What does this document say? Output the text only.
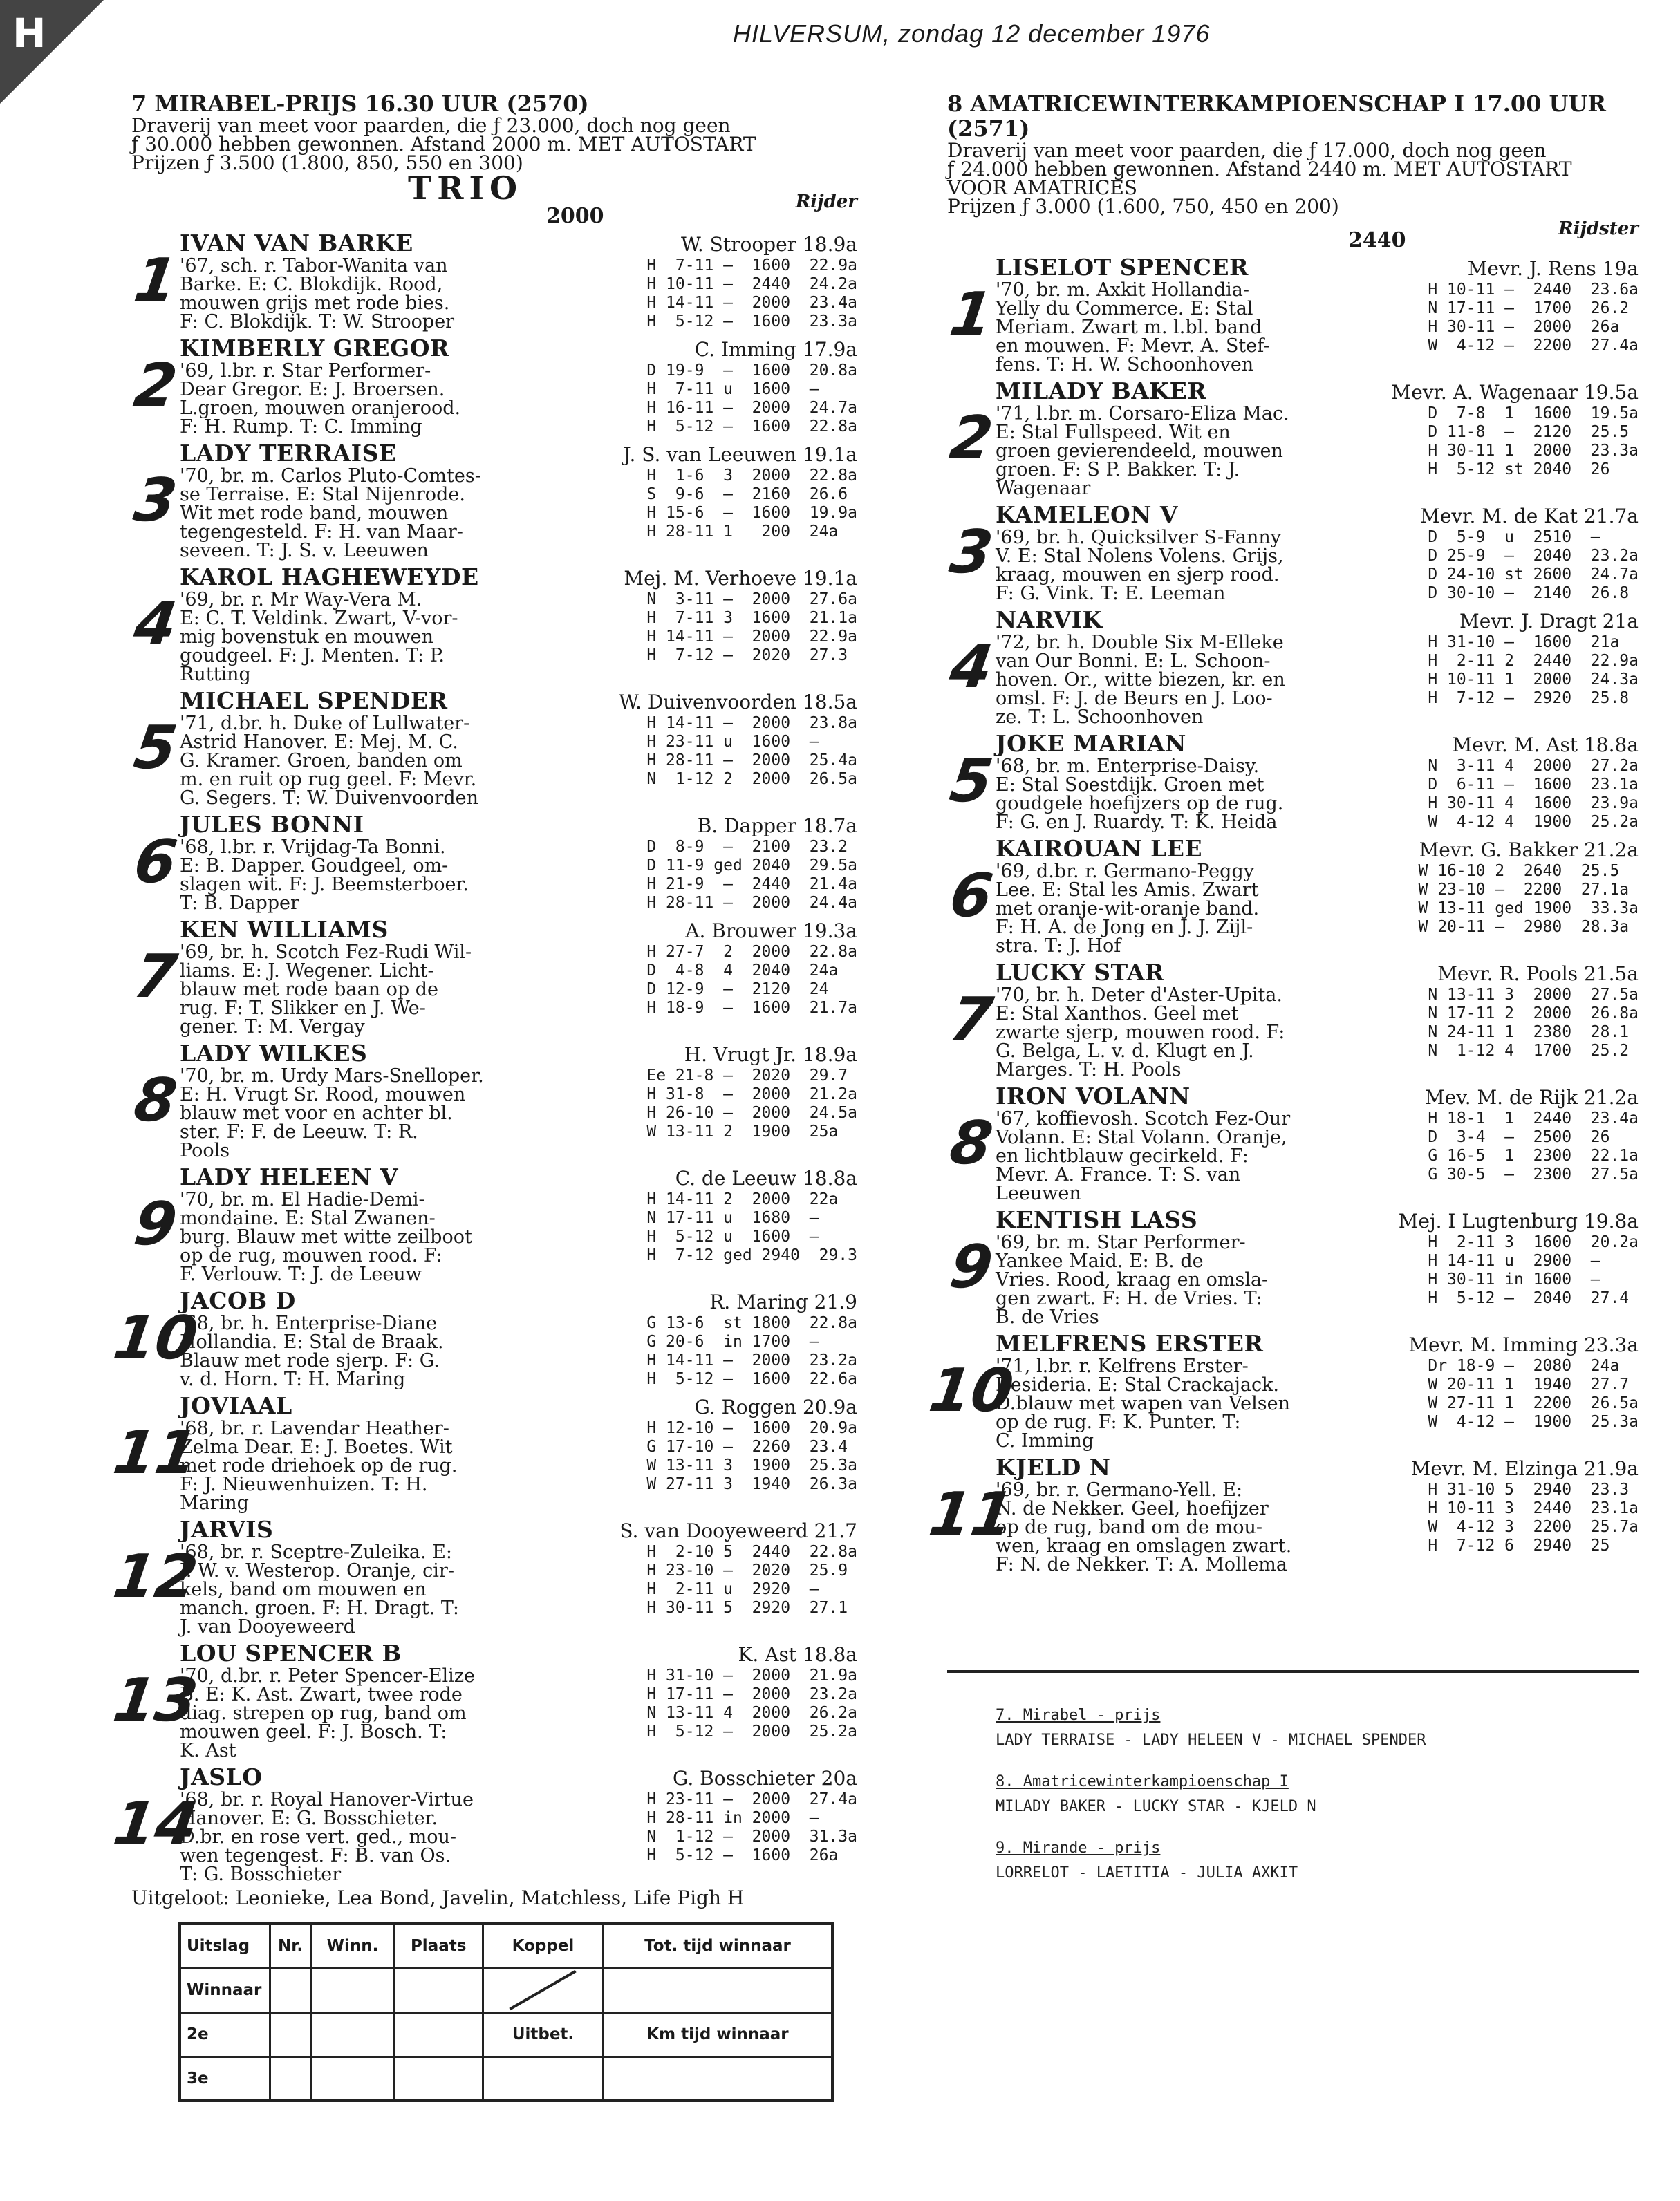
H	HILVERSUM, zondag 12 december 1976
7 MIRABEL-PRIJS 16.30 UUR (2570)
Draverij van meet voor paarden, die ƒ 23.000, doch nog geen
ƒ 30.000 hebben gewonnen. Afstand 2000 m. MET AUTOSTART
Prijzen ƒ 3.500 (1.800, 850, 550 en 300)
TRIO
2000
Rijder
1
IVAN VAN BARKE	W. Strooper 18.9a
'67, sch. r. Tabor-Wanita van
Barke. E: C. Blokdijk. Rood,
mouwen grijs met rode bies.
F: C. Blokdijk. T: W. Strooper
H  7-11 —  1600  22.9a
H 10-11 —  2440  24.2a
H 14-11 —  2000  23.4a
H  5-12 —  1600  23.3a
2
KIMBERLY GREGOR	C. Imming 17.9a
'69, l.br. r. Star Performer-
Dear Gregor. E: J. Broersen.
L.groen, mouwen oranjerood.
F: H. Rump. T: C. Imming
D 19-9  —  1600  20.8a
H  7-11 u  1600  —
H 16-11 —  2000  24.7a
H  5-12 —  1600  22.8a
3
LADY TERRAISE	J. S. van Leeuwen 19.1a
'70, br. m. Carlos Pluto-Comtes-
se Terraise. E: Stal Nijenrode.
Wit met rode band, mouwen
tegengesteld. F: H. van Maar-
seveen. T: J. S. v. Leeuwen
H  1-6  3  2000  22.8a
S  9-6  —  2160  26.6
H 15-6  —  1600  19.9a
H 28-11 1   200  24a
4
KAROL HAGHEWEYDE	Mej. M. Verhoeve 19.1a
'69, br. r. Mr Way-Vera M.
E: C. T. Veldink. Zwart, V-vor-
mig bovenstuk en mouwen
goudgeel. F: J. Menten. T: P.
Rutting
N  3-11 —  2000  27.6a
H  7-11 3  1600  21.1a
H 14-11 —  2000  22.9a
H  7-12 —  2020  27.3
5
MICHAEL SPENDER	W. Duivenvoorden 18.5a
'71, d.br. h. Duke of Lullwater-
Astrid Hanover. E: Mej. M. C.
G. Kramer. Groen, banden om
m. en ruit op rug geel. F: Mevr.
G. Segers. T: W. Duivenvoorden
H 14-11 —  2000  23.8a
H 23-11 u  1600  —
H 28-11 —  2000  25.4a
N  1-12 2  2000  26.5a
6
JULES BONNI	B. Dapper 18.7a
'68, l.br. r. Vrijdag-Ta Bonni.
E: B. Dapper. Goudgeel, om-
slagen wit. F: J. Beemsterboer.
T: B. Dapper
D  8-9  —  2100  23.2
D 11-9 ged 2040  29.5a
H 21-9  —  2440  21.4a
H 28-11 —  2000  24.4a
7
KEN WILLIAMS	A. Brouwer 19.3a
'69, br. h. Scotch Fez-Rudi Wil-
liams. E: J. Wegener. Licht-
blauw met rode baan op de
rug. F: T. Slikker en J. We-
gener. T: M. Vergay
H 27-7  2  2000  22.8a
D  4-8  4  2040  24a
D 12-9  —  2120  24
H 18-9  —  1600  21.7a
8
LADY WILKES	H. Vrugt Jr. 18.9a
'70, br. m. Urdy Mars-Snelloper.
E: H. Vrugt Sr. Rood, mouwen
blauw met voor en achter bl.
ster. F: F. de Leeuw. T: R.
Pools
Ee 21-8 —  2020  29.7
H 31-8  —  2000  21.2a
H 26-10 —  2000  24.5a
W 13-11 2  1900  25a
9
LADY HELEEN V	C. de Leeuw 18.8a
'70, br. m. El Hadie-Demi-
mondaine. E: Stal Zwanen-
burg. Blauw met witte zeilboot
op de rug, mouwen rood. F:
F. Verlouw. T: J. de Leeuw
H 14-11 2  2000  22a
N 17-11 u  1680  —
H  5-12 u  1600  —
H  7-12 ged 2940  29.3
10
JACOB D	R. Maring 21.9
'68, br. h. Enterprise-Diane
Hollandia. E: Stal de Braak.
Blauw met rode sjerp. F: G.
v. d. Horn. T: H. Maring
G 13-6  st 1800  22.8a
G 20-6  in 1700  —
H 14-11 —  2000  23.2a
H  5-12 —  1600  22.6a
11
JOVIAAL	G. Roggen 20.9a
'68, br. r. Lavendar Heather-
Zelma Dear. E: J. Boetes. Wit
met rode driehoek op de rug.
F: J. Nieuwenhuizen. T: H.
Maring
H 12-10 —  1600  20.9a
G 17-10 —  2260  23.4
W 13-11 3  1900  25.3a
W 27-11 3  1940  26.3a
12
JARVIS	S. van Dooyeweerd 21.7
'68, br. r. Sceptre-Zuleika. E:
J. W. v. Westerop. Oranje, cir-
kels, band om mouwen en
manch. groen. F: H. Dragt. T:
J. van Dooyeweerd
H  2-10 5  2440  22.8a
H 23-10 —  2020  25.9
H  2-11 u  2920  —
H 30-11 5  2920  27.1
13
LOU SPENCER B	K. Ast 18.8a
'70, d.br. r. Peter Spencer-Elize
B. E: K. Ast. Zwart, twee rode
diag. strepen op rug, band om
mouwen geel. F: J. Bosch. T:
K. Ast
H 31-10 —  2000  21.9a
H 17-11 —  2000  23.2a
N 13-11 4  2000  26.2a
H  5-12 —  2000  25.2a
14
JASLO	G. Bosschieter 20a
'68, br. r. Royal Hanover-Virtue
Hanover. E: G. Bosschieter.
D.br. en rose vert. ged., mou-
wen tegengest. F: B. van Os.
T: G. Bosschieter
H 23-11 —  2000  27.4a
H 28-11 in 2000  —
N  1-12 —  2000  31.3a
H  5-12 —  1600  26a
Uitgeloot: Leonieke, Lea Bond, Javelin, Matchless, Life Pigh H
Uitslag	Nr.	Winn.	Plaats	Koppel	Tot. tijd winnaar
Winnaar				

2e				Uitbet.	Km tijd winnaar
3e					
8 AMATRICEWINTERKAMPIOENSCHAP I 17.00 UUR
(2571)
Draverij van meet voor paarden, die ƒ 17.000, doch nog geen
ƒ 24.000 hebben gewonnen. Afstand 2440 m. MET AUTOSTART
VOOR AMATRICES
Prijzen ƒ 3.000 (1.600, 750, 450 en 200)
2440	Rijdster
1
LISELOT SPENCER	Mevr. J. Rens 19a
'70, br. m. Axkit Hollandia-
Yelly du Commerce. E: Stal
Meriam. Zwart m. l.bl. band
en mouwen. F: Mevr. A. Stef-
fens. T: H. W. Schoonhoven
H 10-11 —  2440  23.6a
N 17-11 —  1700  26.2
H 30-11 —  2000  26a
W  4-12 —  2200  27.4a
2
MILADY BAKER	Mevr. A. Wagenaar 19.5a
'71, l.br. m. Corsaro-Eliza Mac.
E: Stal Fullspeed. Wit en
groen gevierendeeld, mouwen
groen. F: S P. Bakker. T: J.
Wagenaar
D  7-8  1  1600  19.5a
D 11-8  —  2120  25.5
H 30-11 1  2000  23.3a
H  5-12 st 2040  26
3
KAMELEON V	Mevr. M. de Kat 21.7a
'69, br. h. Quicksilver S-Fanny
V. E: Stal Nolens Volens. Grijs,
kraag, mouwen en sjerp rood.
F: G. Vink. T: E. Leeman
D  5-9  u  2510  —
D 25-9  —  2040  23.2a
D 24-10 st 2600  24.7a
D 30-10 —  2140  26.8
4
NARVIK	Mevr. J. Dragt 21a
'72, br. h. Double Six M-Elleke
van Our Bonni. E: L. Schoon-
hoven. Or., witte biezen, kr. en
omsl. F: J. de Beurs en J. Loo-
ze. T: L. Schoonhoven
H 31-10 —  1600  21a
H  2-11 2  2440  22.9a
H 10-11 1  2000  24.3a
H  7-12 —  2920  25.8
5
JOKE MARIAN	Mevr. M. Ast 18.8a
'68, br. m. Enterprise-Daisy.
E: Stal Soestdijk. Groen met
goudgele hoefijzers op de rug.
F: G. en J. Ruardy. T: K. Heida
N  3-11 4  2000  27.2a
D  6-11 —  1600  23.1a
H 30-11 4  1600  23.9a
W  4-12 4  1900  25.2a
6
KAIROUAN LEE	Mevr. G. Bakker 21.2a
'69, d.br. r. Germano-Peggy
Lee. E: Stal les Amis. Zwart
met oranje-wit-oranje band.
F: H. A. de Jong en J. J. Zijl-
stra. T: J. Hof
W 16-10 2  2640  25.5
W 23-10 —  2200  27.1a
W 13-11 ged 1900  33.3a
W 20-11 —  2980  28.3a
7
LUCKY STAR	Mevr. R. Pools 21.5a
'70, br. h. Deter d'Aster-Upita.
E: Stal Xanthos. Geel met
zwarte sjerp, mouwen rood. F:
G. Belga, L. v. d. Klugt en J.
Marges. T: H. Pools
N 13-11 3  2000  27.5a
N 17-11 2  2000  26.8a
N 24-11 1  2380  28.1
N  1-12 4  1700  25.2
8
IRON VOLANN	Mev. M. de Rijk 21.2a
'67, koffievosh. Scotch Fez-Our
Volann. E: Stal Volann. Oranje,
en lichtblauw gecirkeld. F:
Mevr. A. France. T: S. van
Leeuwen
H 18-1  1  2440  23.4a
D  3-4  —  2500  26
G 16-5  1  2300  22.1a
G 30-5  —  2300  27.5a
9
KENTISH LASS	Mej. I Lugtenburg 19.8a
'69, br. m. Star Performer-
Yankee Maid. E: B. de
Vries. Rood, kraag en omsla-
gen zwart. F: H. de Vries. T:
B. de Vries
H  2-11 3  1600  20.2a
H 14-11 u  2900  —
H 30-11 in 1600  —
H  5-12 —  2040  27.4
10
MELFRENS ERSTER	Mevr. M. Imming 23.3a
'71, l.br. r. Kelfrens Erster-
Desideria. E: Stal Crackajack.
D.blauw met wapen van Velsen
op de rug. F: K. Punter. T:
C. Imming
Dr 18-9 —  2080  24a
W 20-11 1  1940  27.7
W 27-11 1  2200  26.5a
W  4-12 —  1900  25.3a
11
KJELD N	Mevr. M. Elzinga 21.9a
'69, br. r. Germano-Yell. E:
N. de Nekker. Geel, hoefijzer
op de rug, band om de mou-
wen, kraag en omslagen zwart.
F: N. de Nekker. T: A. Mollema
H 31-10 5  2940  23.3
H 10-11 3  2440  23.1a
W  4-12 3  2200  25.7a
H  7-12 6  2940  25
7. Mirabel - prijs
LADY TERRAISE - LADY HELEEN V - MICHAEL SPENDER
8. Amatricewinterkampioenschap I
MILADY BAKER - LUCKY STAR - KJELD N
9. Mirande - prijs
LORRELOT - LAETITIA - JULIA AXKIT
